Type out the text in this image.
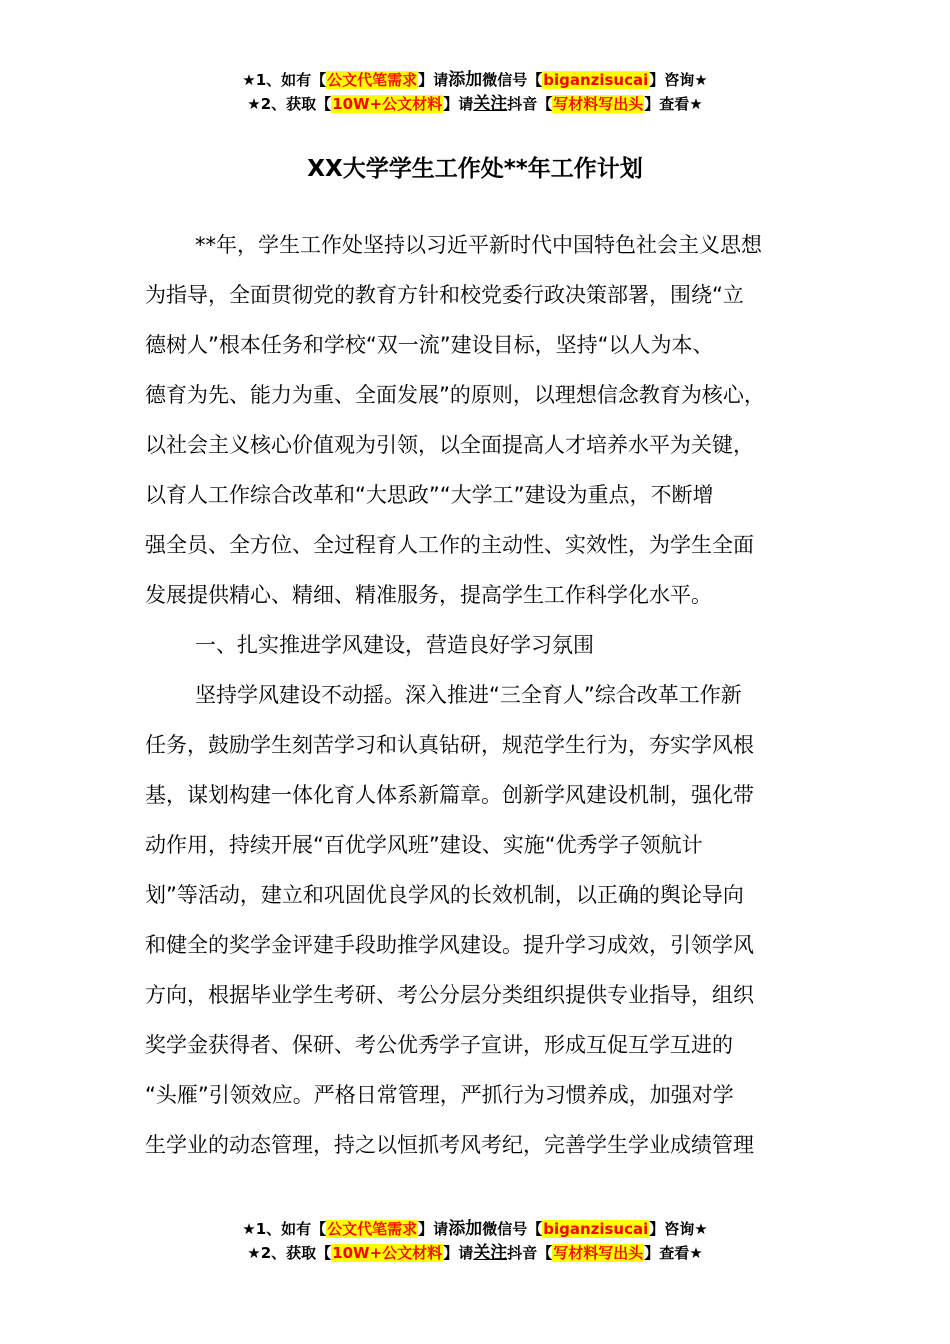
★1、如有【公文代笔需求】请添加微信号【biganzisucai】咨询★
★2、获取【10W+公文材料】请关注抖音【写材料写出头】查看★
XX大学学生工作处**年工作计划
**年，学生工作处坚持以习近平新时代中国特色社会主义思想
为指导，全面贯彻党的教育方针和校党委行政决策部署，围绕“立
德树人”根本任务和学校“双一流”建设目标，坚持“以人为本、
德育为先、能力为重、全面发展”的原则，以理想信念教育为核心，
以社会主义核心价值观为引领，以全面提高人才培养水平为关键，
以育人工作综合改革和“大思政”“大学工”建设为重点，不断增
强全员、全方位、全过程育人工作的主动性、实效性，为学生全面
发展提供精心、精细、精准服务，提高学生工作科学化水平。
一、扎实推进学风建设，营造良好学习氛围
坚持学风建设不动摇。深入推进“三全育人”综合改革工作新
任务，鼓励学生刻苦学习和认真钻研，规范学生行为，夯实学风根
基，谋划构建一体化育人体系新篇章。创新学风建设机制，强化带
动作用，持续开展“百优学风班”建设、实施“优秀学子领航计
划”等活动，建立和巩固优良学风的长效机制，以正确的舆论导向
和健全的奖学金评建手段助推学风建设。提升学习成效，引领学风
方向，根据毕业学生考研、考公分层分类组织提供专业指导，组织
奖学金获得者、保研、考公优秀学子宣讲，形成互促互学互进的
“头雁”引领效应。严格日常管理，严抓行为习惯养成，加强对学
生学业的动态管理，持之以恒抓考风考纪，完善学生学业成绩管理
★1、如有【公文代笔需求】请添加微信号【biganzisucai】咨询★
★2、获取【10W+公文材料】请关注抖音【写材料写出头】查看★
